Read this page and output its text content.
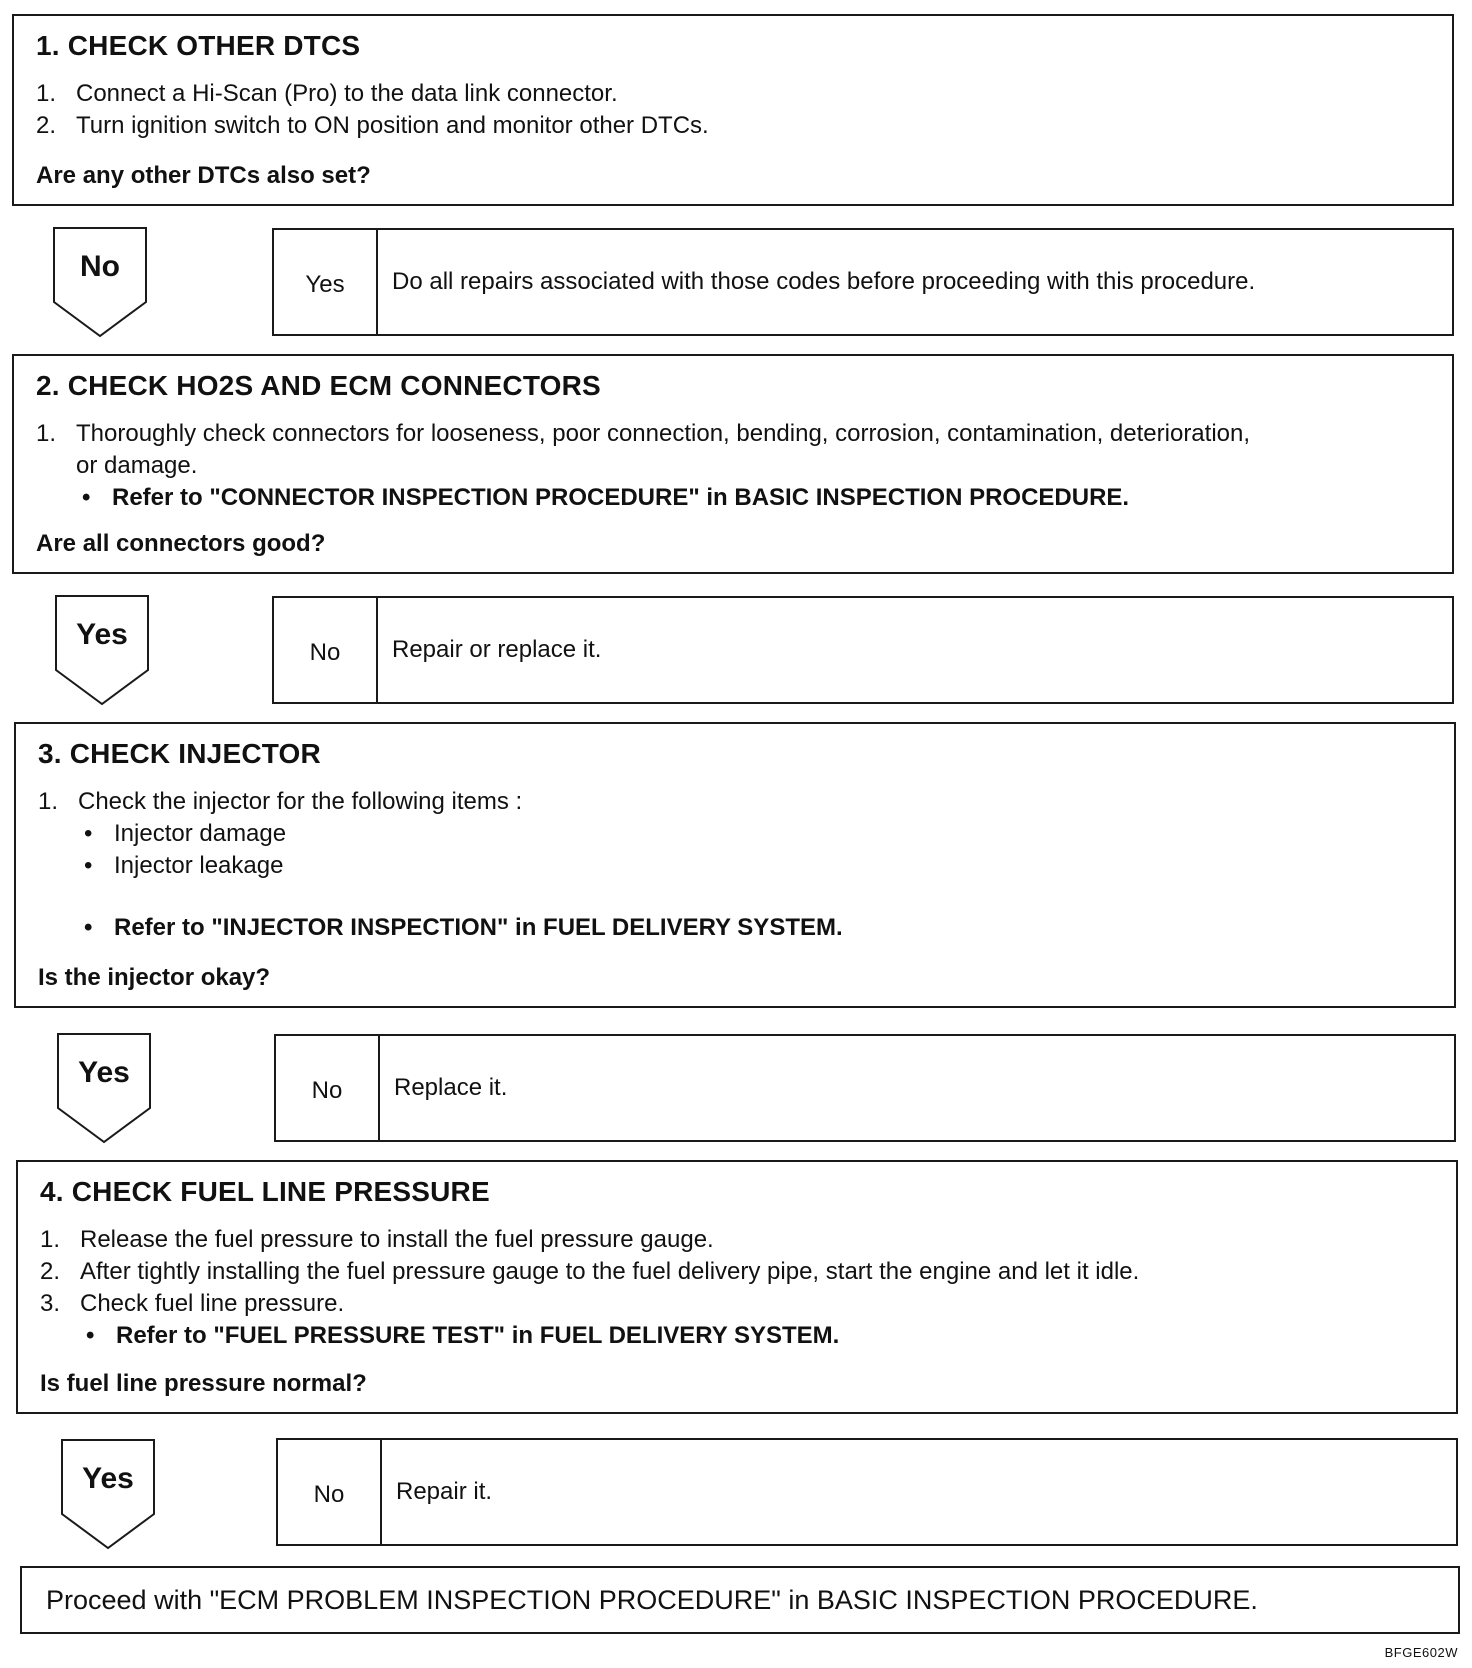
1. CHECK OTHER DTCS
1. Connect a Hi-Scan (Pro) to the data link connector.
2. Turn ignition switch to ON position and monitor other DTCs.
Are any other DTCs also set?
No
Yes	Do all repairs associated with those codes before proceeding with this procedure.
2. CHECK HO2S AND ECM CONNECTORS
1. Thoroughly check connectors for looseness, poor connection, bending, corrosion, contamination, deterioration, or damage.
• Refer to "CONNECTOR INSPECTION PROCEDURE" in BASIC INSPECTION PROCEDURE.
Are all connectors good?
Yes
No	Repair or replace it.
3. CHECK INJECTOR
1. Check the injector for the following items :
• Injector damage
• Injector leakage
• Refer to "INJECTOR INSPECTION" in FUEL DELIVERY SYSTEM.
Is the injector okay?
Yes
No	Replace it.
4. CHECK FUEL LINE PRESSURE
1. Release the fuel pressure to install the fuel pressure gauge.
2. After tightly installing the fuel pressure gauge to the fuel delivery pipe, start the engine and let it idle.
3. Check fuel line pressure.
• Refer to "FUEL PRESSURE TEST" in FUEL DELIVERY SYSTEM.
Is fuel line pressure normal?
Yes	No	Repair it.
Proceed with "ECM PROBLEM INSPECTION PROCEDURE" in BASIC INSPECTION PROCEDURE.
BFGE602W
